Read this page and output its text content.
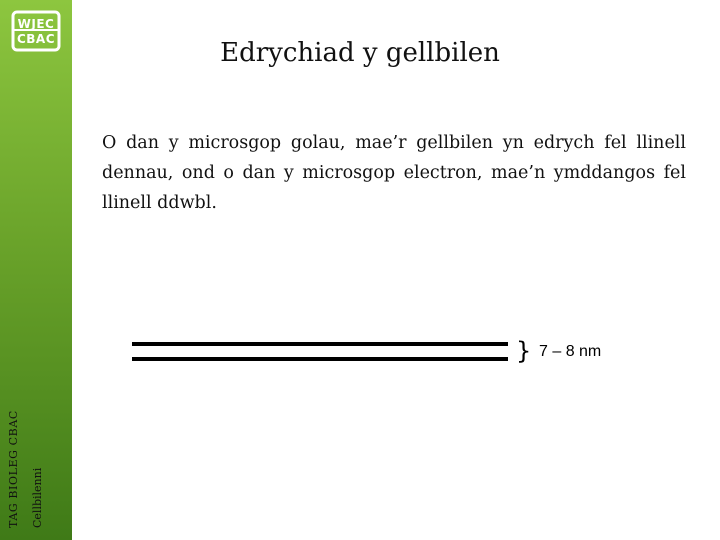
WJEC
CBAC
TAG BIOLEG CBAC Cellbilenni
Edrychiad y gellbilen
O dan y microsgop golau, mae’r gellbilen yn edrych fel llinell dennau, ond o dan y microsgop electron, mae’n ymddangos fel llinell ddwbl.
} 7 – 8 nm
